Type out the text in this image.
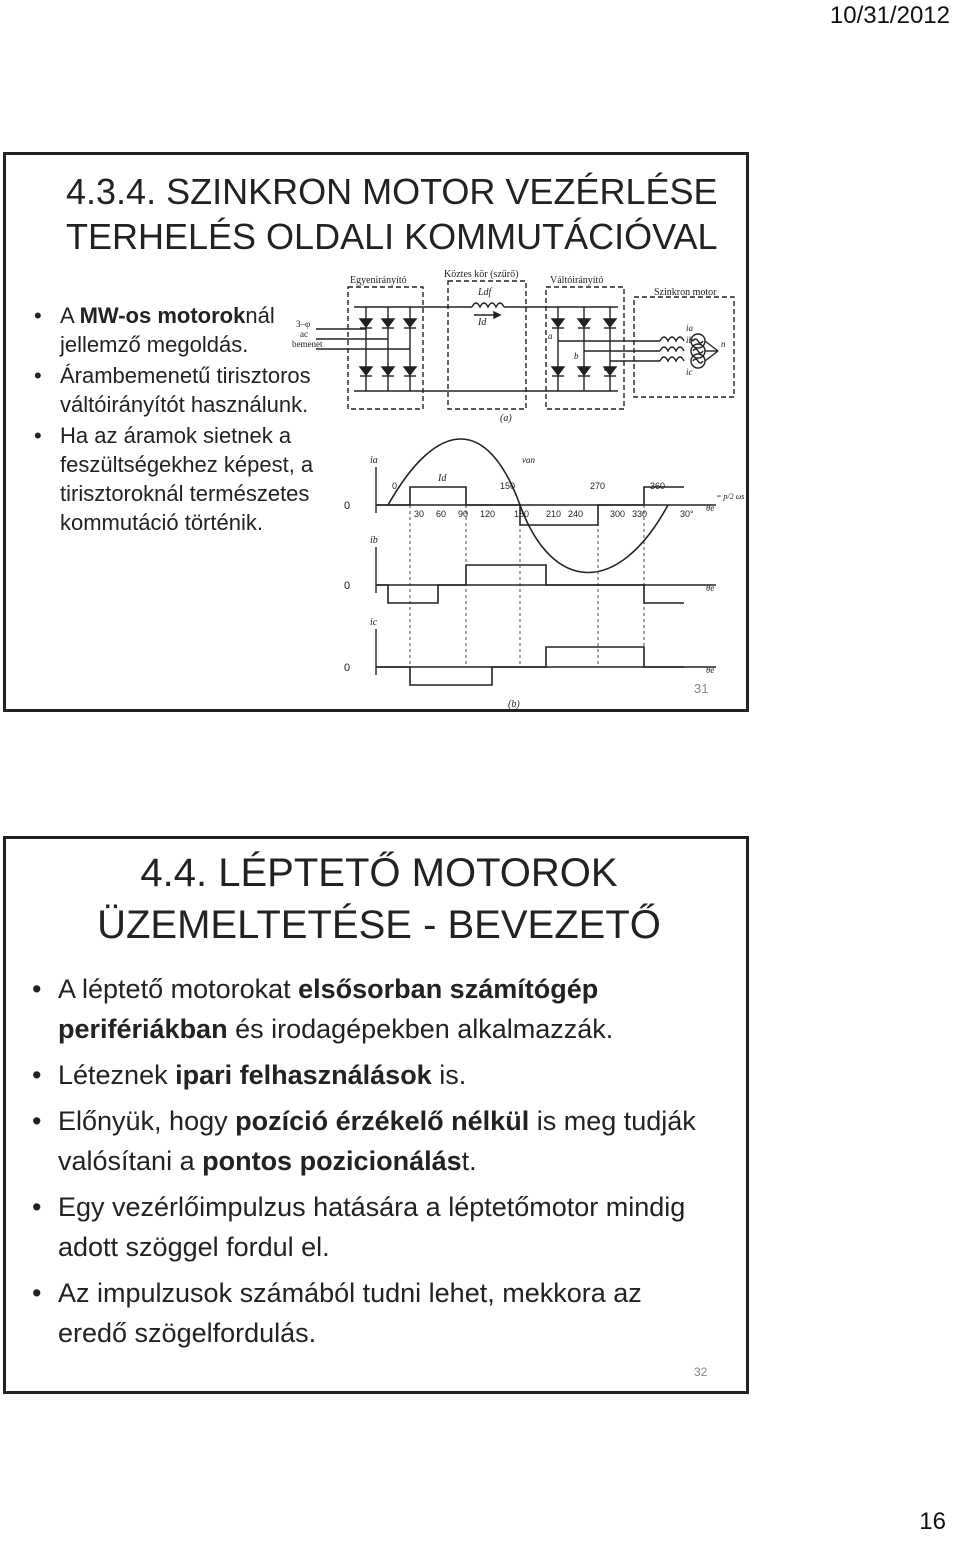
10/31/2012
4.3.4. SZINKRON MOTOR VEZÉRLÉSE
TERHELÉS OLDALI KOMMUTÁCIÓVAL
• A MW-os motoroknál jellemző megoldás.
• Árambemenetű tirisztoros váltóirányítót használunk.
• Ha az áramok sietnek a feszültségekhez képest, a tirisztoroknál természetes kommutáció történik.
Egyenirányító
Köztes kör (szűrő)
Váltóirányító
Szinkron motor
3–φ
ac
bemenet
Ldf
Id
a
b
c
ia
ib
ic
n
(a)
0
0
0
ia
ib
ic
van
Id
0	150	270	360
30 60 90 120 180 210 240	300 330	30°
θe
= p/2 ωs
θe
θe
(b)
31
4.4. LÉPTETŐ MOTOROK
ÜZEMELTETÉSE - BEVEZETŐ
• A léptető motorokat elsősorban számítógép perifériákban és irodagépekben alkalmazzák.
• Léteznek ipari felhasználások is.
• Előnyük, hogy pozíció érzékelő nélkül is meg tudják valósítani a pontos pozicionálást.
• Egy vezérlőimpulzus hatására a léptetőmotor mindig adott szöggel fordul el.
• Az impulzusok számából tudni lehet, mekkora az eredő szögelfordulás.
32
16
